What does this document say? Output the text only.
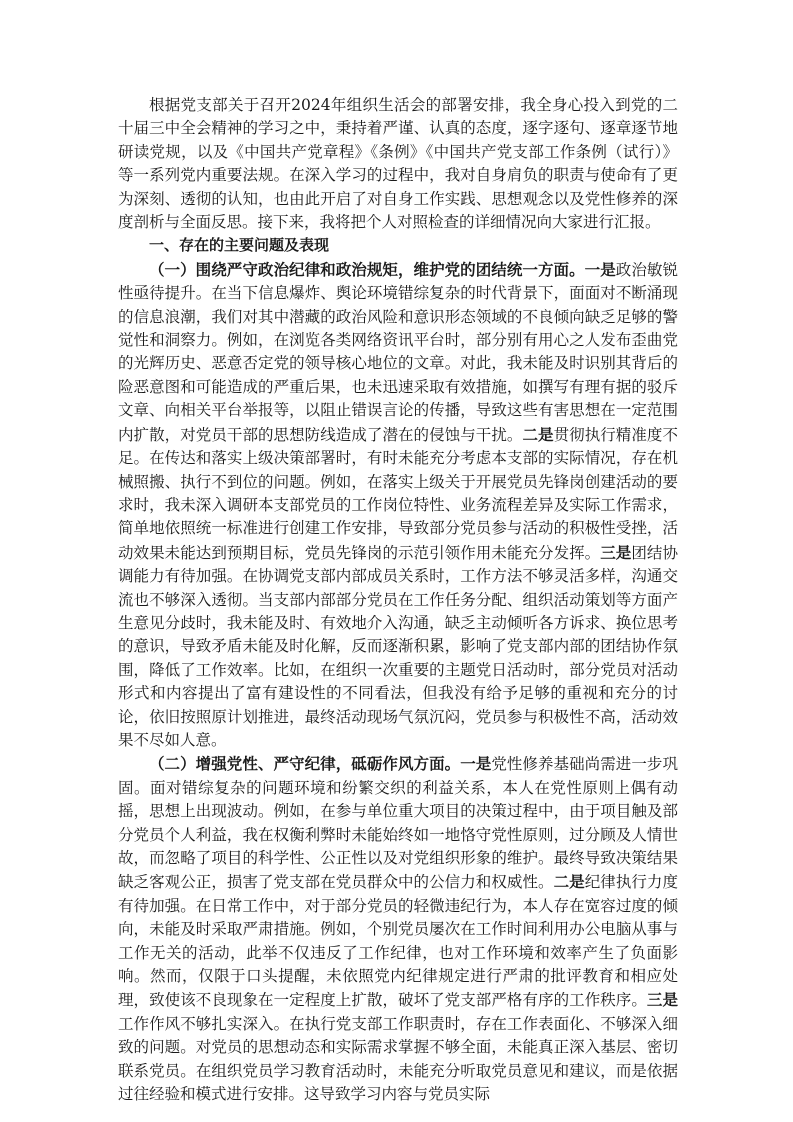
根据党支部关于召开2024年组织生活会的部署安排，我全身心投入到党的二十届三中全会精神的学习之中，秉持着严谨、认真的态度，逐字逐句、逐章逐节地研读党规，以及《中国共产党章程》《条例》《中国共产党支部工作条例（试行）》等一系列党内重要法规。在深入学习的过程中，我对自身肩负的职责与使命有了更为深刻、透彻的认知，也由此开启了对自身工作实践、思想观念以及党性修养的深度剖析与全面反思。接下来，我将把个人对照检查的详细情况向大家进行汇报。

一、存在的主要问题及表现

（一）围绕严守政治纪律和政治规矩，维护党的团结统一方面。一是政治敏锐性亟待提升。在当下信息爆炸、舆论环境错综复杂的时代背景下，面面对不断涌现的信息浪潮，我们对其中潜藏的政治风险和意识形态领域的不良倾向缺乏足够的警觉性和洞察力。例如，在浏览各类网络资讯平台时，部分别有用心之人发布歪曲党的光辉历史、恶意否定党的领导核心地位的文章。对此，我未能及时识别其背后的险恶意图和可能造成的严重后果，也未迅速采取有效措施，如撰写有理有据的驳斥文章、向相关平台举报等，以阻止错误言论的传播，导致这些有害思想在一定范围内扩散，对党员干部的思想防线造成了潜在的侵蚀与干扰。二是贯彻执行精准度不足。在传达和落实上级决策部署时，有时未能充分考虑本支部的实际情况，存在机械照搬、执行不到位的问题。例如，在落实上级关于开展党员先锋岗创建活动的要求时，我未深入调研本支部党员的工作岗位特性、业务流程差异及实际工作需求，简单地依照统一标准进行创建工作安排，导致部分党员参与活动的积极性受挫，活动效果未能达到预期目标，党员先锋岗的示范引领作用未能充分发挥。三是团结协调能力有待加强。在协调党支部内部成员关系时，工作方法不够灵活多样，沟通交流也不够深入透彻。当支部内部部分党员在工作任务分配、组织活动策划等方面产生意见分歧时，我未能及时、有效地介入沟通，缺乏主动倾听各方诉求、换位思考的意识，导致矛盾未能及时化解，反而逐渐积累，影响了党支部内部的团结协作氛围，降低了工作效率。比如，在组织一次重要的主题党日活动时，部分党员对活动形式和内容提出了富有建设性的不同看法，但我没有给予足够的重视和充分的讨论，依旧按照原计划推进，最终活动现场气氛沉闷，党员参与积极性不高，活动效果不尽如人意。

（二）增强党性、严守纪律，砥砺作风方面。一是党性修养基础尚需进一步巩固。面对错综复杂的问题环境和纷繁交织的利益关系，本人在党性原则上偶有动摇，思想上出现波动。例如，在参与单位重大项目的决策过程中，由于项目触及部分党员个人利益，我在权衡利弊时未能始终如一地恪守党性原则，过分顾及人情世故，而忽略了项目的科学性、公正性以及对党组织形象的维护。最终导致决策结果缺乏客观公正，损害了党支部在党员群众中的公信力和权威性。二是纪律执行力度有待加强。在日常工作中，对于部分党员的轻微违纪行为，本人存在宽容过度的倾向，未能及时采取严肃措施。例如，个别党员屡次在工作时间利用办公电脑从事与工作无关的活动，此举不仅违反了工作纪律，也对工作环境和效率产生了负面影响。然而，仅限于口头提醒，未依照党内纪律规定进行严肃的批评教育和相应处理，致使该不良现象在一定程度上扩散，破坏了党支部严格有序的工作秩序。三是工作作风不够扎实深入。在执行党支部工作职责时，存在工作表面化、不够深入细致的问题。对党员的思想动态和实际需求掌握不够全面，未能真正深入基层、密切联系党员。在组织党员学习教育活动时，未能充分听取党员意见和建议，而是依据过往经验和模式进行安排。这导致学习内容与党员实际
